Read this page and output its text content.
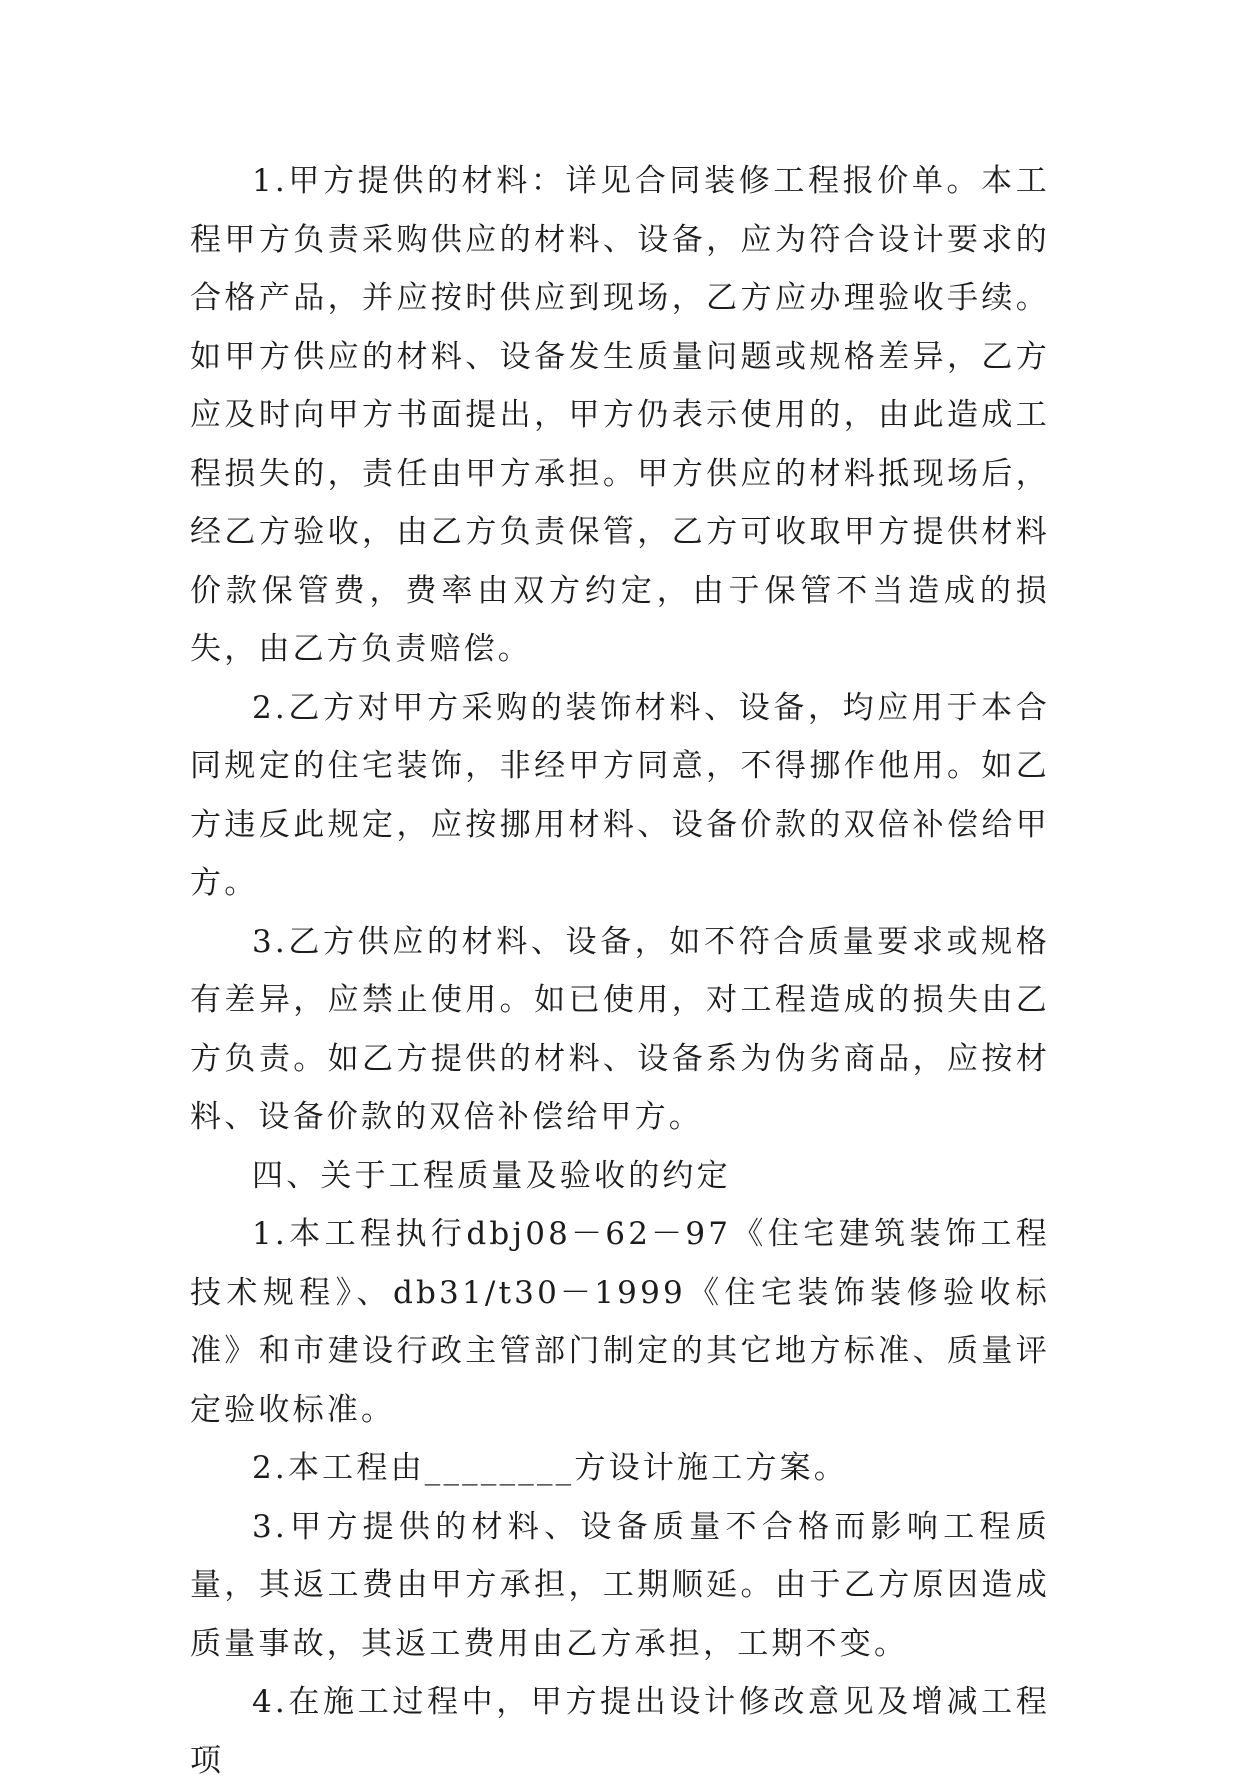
1.甲方提供的材料：详见合同装修工程报价单。本工程甲方负责采购供应的材料、设备，应为符合设计要求的合格产品，并应按时供应到现场，乙方应办理验收手续。如甲方供应的材料、设备发生质量问题或规格差异，乙方应及时向甲方书面提出，甲方仍表示使用的，由此造成工程损失的，责任由甲方承担。甲方供应的材料抵现场后，经乙方验收，由乙方负责保管，乙方可收取甲方提供材料价款保管费，费率由双方约定，由于保管不当造成的损失，由乙方负责赔偿。

2.乙方对甲方采购的装饰材料、设备，均应用于本合同规定的住宅装饰，非经甲方同意，不得挪作他用。如乙方违反此规定，应按挪用材料、设备价款的双倍补偿给甲方。

3.乙方供应的材料、设备，如不符合质量要求或规格有差异，应禁止使用。如已使用，对工程造成的损失由乙方负责。如乙方提供的材料、设备系为伪劣商品，应按材料、设备价款的双倍补偿给甲方。

四、关于工程质量及验收的约定

1.本工程执行dbj08－62－97《住宅建筑装饰工程技术规程》、db31/t30－1999《住宅装饰装修验收标准》和市建设行政主管部门制定的其它地方标准、质量评定验收标准。

2.本工程由________方设计施工方案。

3.甲方提供的材料、设备质量不合格而影响工程质量，其返工费由甲方承担，工期顺延。由于乙方原因造成质量事故，其返工费用由乙方承担，工期不变。

4.在施工过程中，甲方提出设计修改意见及增减工程项
